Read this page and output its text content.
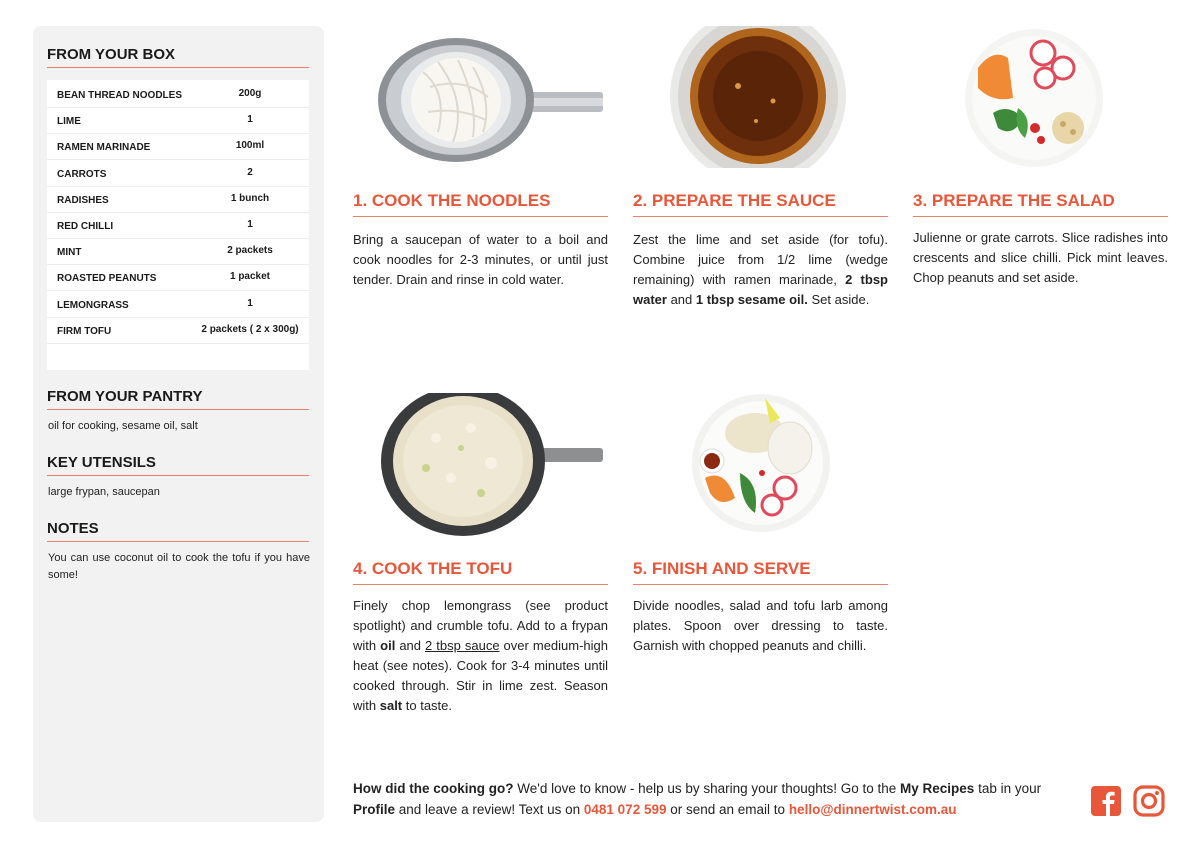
FROM YOUR BOX
BEAN THREAD NOODLES	200g
LIME	1
RAMEN MARINADE	100ml
CARROTS	2
RADISHES	1 bunch
RED CHILLI	1
MINT	2 packets
ROASTED PEANUTS	1 packet
LEMONGRASS	1
FIRM TOFU	2 packets ( 2 x 300g)
FROM YOUR PANTRY
oil for cooking, sesame oil, salt
KEY UTENSILS
large frypan, saucepan
NOTES
You can use coconut oil to cook the tofu if you have some!
1. COOK THE NOODLES
Bring a saucepan of water to a boil and cook noodles for 2-3 minutes, or until just tender. Drain and rinse in cold water.
2. PREPARE THE SAUCE
Zest the lime and set aside (for tofu). Combine juice from 1/2 lime (wedge remaining) with ramen marinade, 2 tbsp water and 1 tbsp sesame oil. Set aside.
3. PREPARE THE SALAD
Julienne or grate carrots. Slice radishes into crescents and slice chilli. Pick mint leaves. Chop peanuts and set aside.
4. COOK THE TOFU
Finely chop lemongrass (see product spotlight) and crumble tofu. Add to a frypan with oil and 2 tbsp sauce over medium-high heat (see notes). Cook for 3-4 minutes until cooked through. Stir in lime zest. Season with salt to taste.
5. FINISH AND SERVE
Divide noodles, salad and tofu larb among plates. Spoon over dressing to taste. Garnish with chopped peanuts and chilli.
How did the cooking go? We'd love to know - help us by sharing your thoughts! Go to the My Recipes tab in your Profile and leave a review! Text us on 0481 072 599 or send an email to hello@dinnertwist.com.au
